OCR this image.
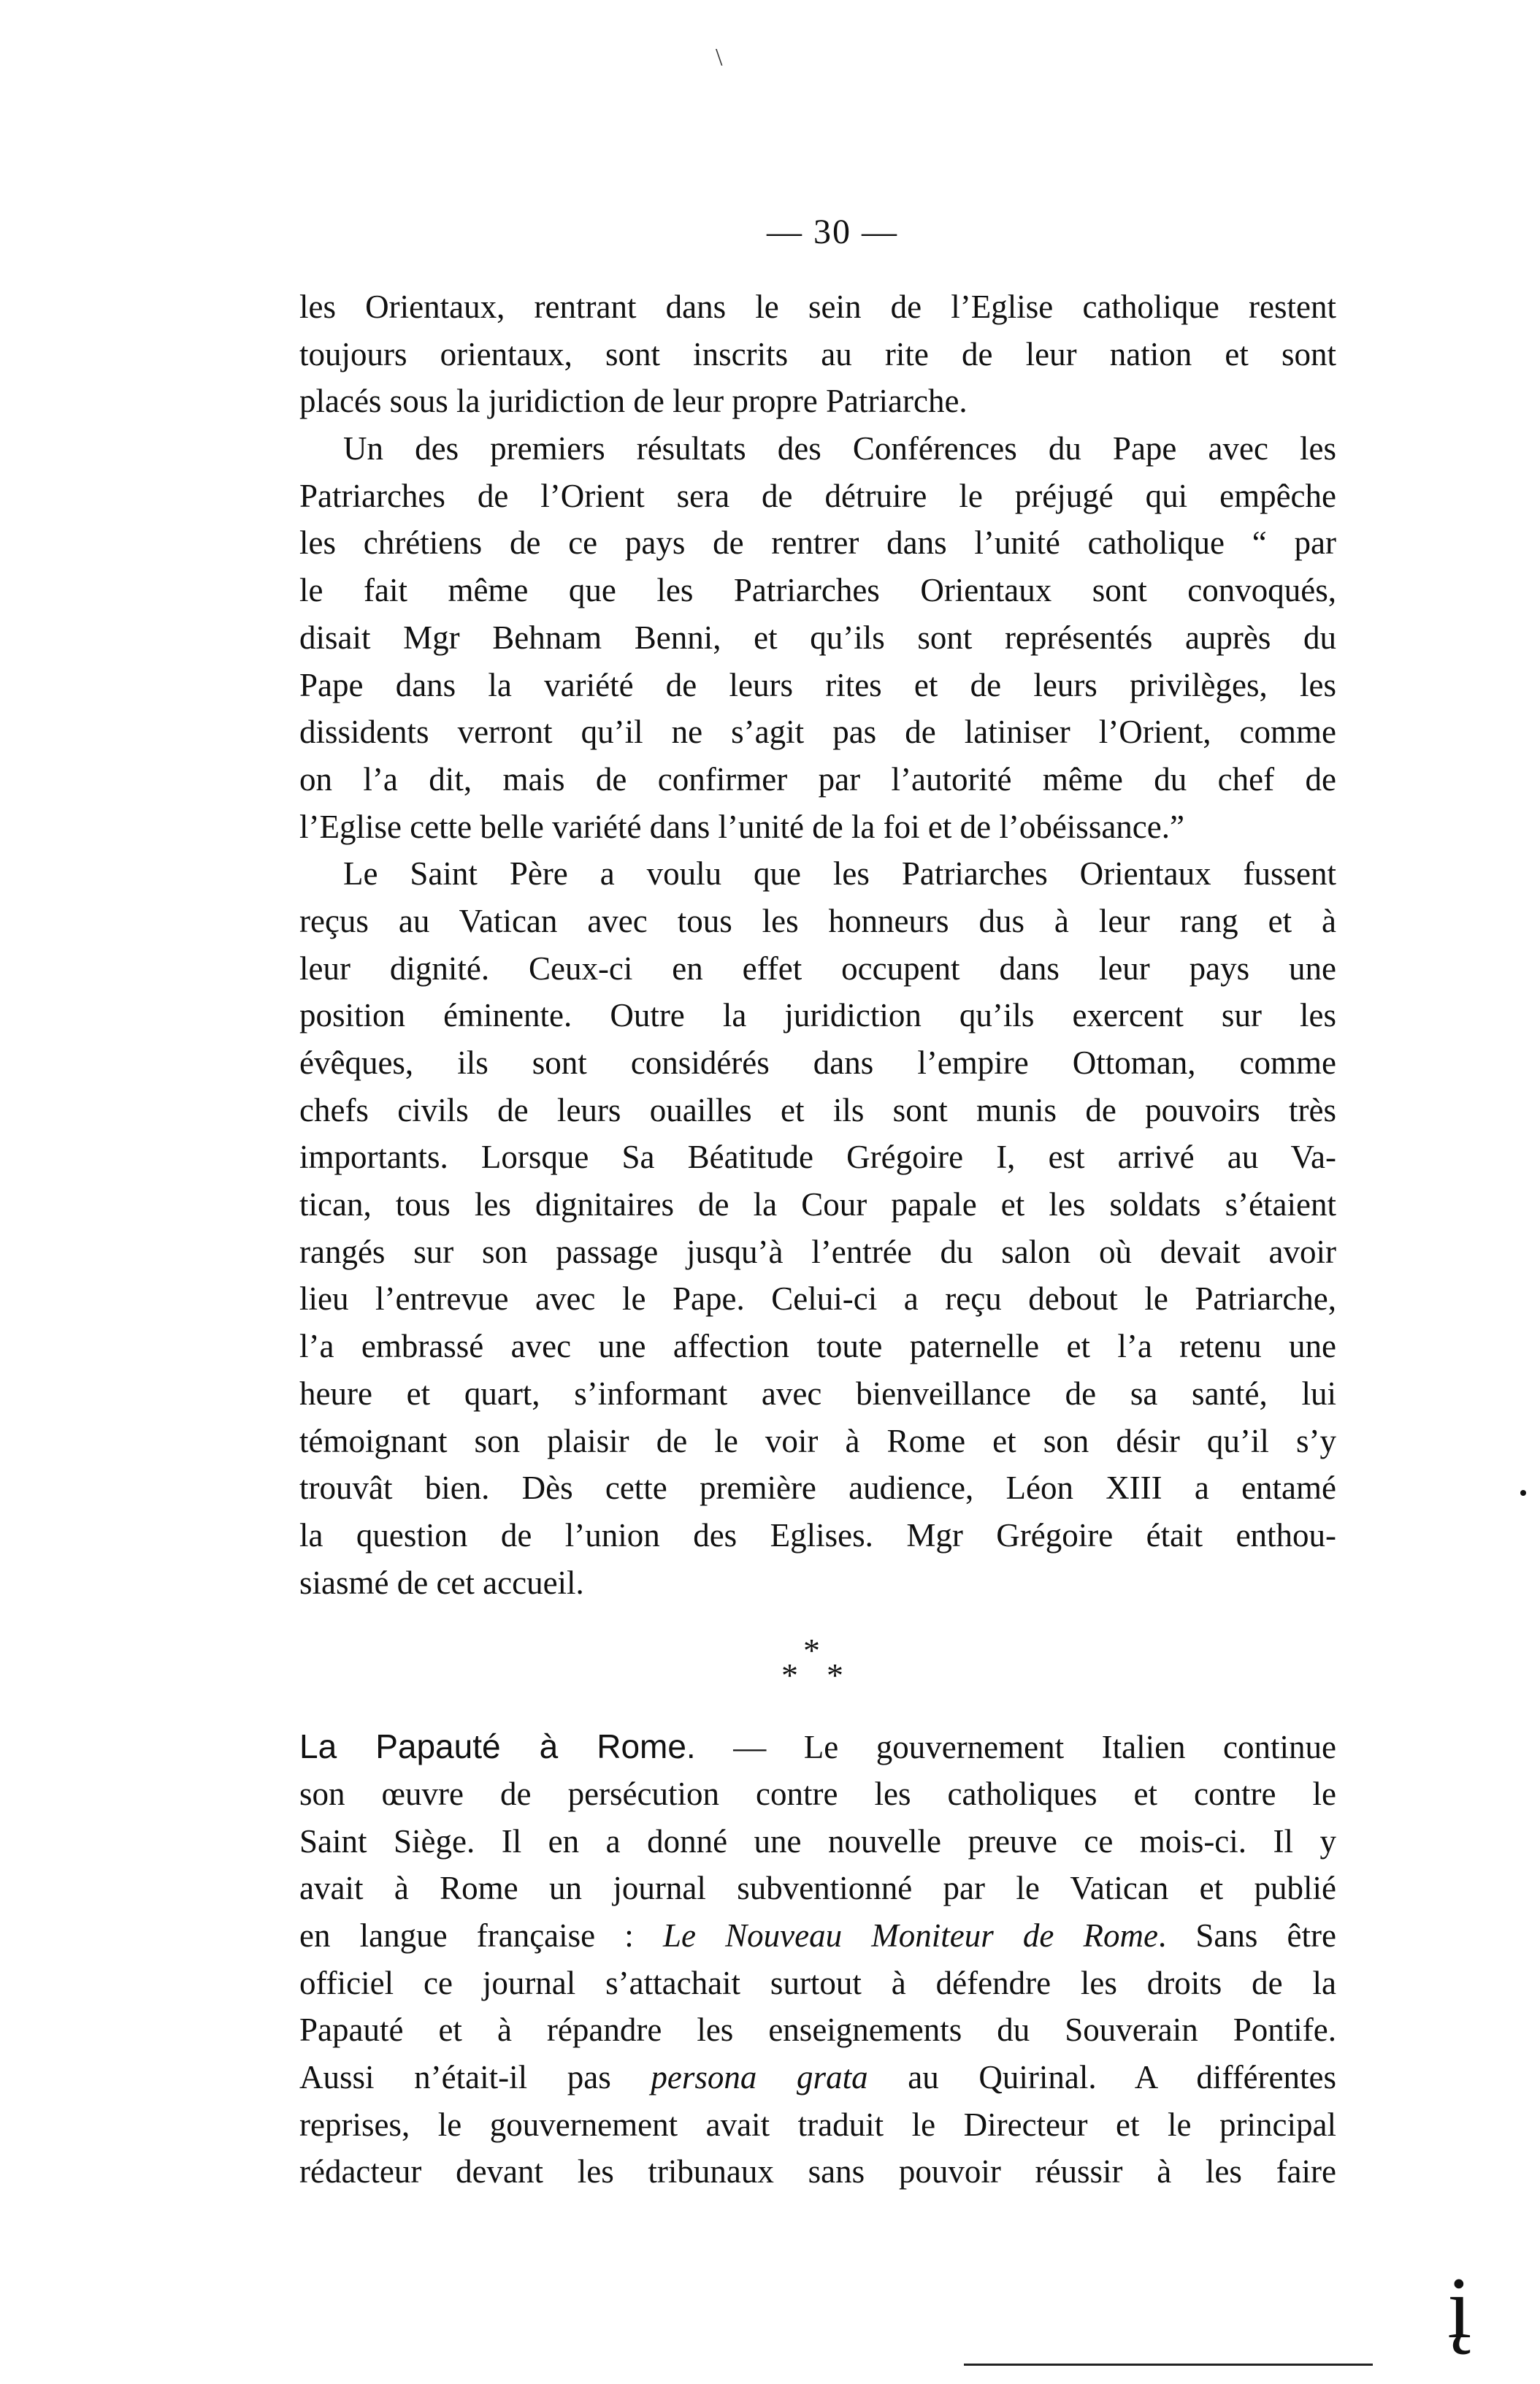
\
— 30 —
les Orientaux, rentrant dans le sein de l’Eglise catholique restent
toujours orientaux, sont inscrits au rite de leur nation et sont
placés sous la juridiction de leur propre Patriarche.
Un des premiers résultats des Conférences du Pape avec les
Patriarches de l’Orient sera de détruire le préjugé qui empêche
les chrétiens de ce pays de rentrer dans l’unité catholique “ par
le fait même que les Patriarches Orientaux sont convoqués,
disait Mgr Behnam Benni, et qu’ils sont représentés auprès du
Pape dans la variété de leurs rites et de leurs privilèges, les
dissidents verront qu’il ne s’agit pas de latiniser l’Orient, comme
on l’a dit, mais de confirmer par l’autorité même du chef de
l’Eglise cette belle variété dans l’unité de la foi et de l’obéissance.”
Le Saint Père a voulu que les Patriarches Orientaux fussent
reçus au Vatican avec tous les honneurs dus à leur rang et à
leur dignité. Ceux-ci en effet occupent dans leur pays une
position éminente. Outre la juridiction qu’ils exercent sur les
évêques, ils sont considérés dans l’empire Ottoman, comme
chefs civils de leurs ouailles et ils sont munis de pouvoirs très
importants. Lorsque Sa Béatitude Grégoire I, est arrivé au Va-
tican, tous les dignitaires de la Cour papale et les soldats s’étaient
rangés sur son passage jusqu’à l’entrée du salon où devait avoir
lieu l’entrevue avec le Pape. Celui-ci a reçu debout le Patriarche,
l’a embrassé avec une affection toute paternelle et l’a retenu une
heure et quart, s’informant avec bienveillance de sa santé, lui
témoignant son plaisir de le voir à Rome et son désir qu’il s’y
trouvât bien. Dès cette première audience, Léon XIII a entamé
la question de l’union des Eglises. Mgr Grégoire était enthou-
siasmé de cet accueil.
*
* *
La Papauté à Rome. — Le gouvernement Italien continue
son œuvre de persécution contre les catholiques et contre le
Saint Siège. Il en a donné une nouvelle preuve ce mois-ci. Il y
avait à Rome un journal subventionné par le Vatican et publié
en langue française : Le Nouveau Moniteur de Rome. Sans être
officiel ce journal s’attachait surtout à défendre les droits de la
Papauté et à répandre les enseignements du Souverain Pontife.
Aussi n’était-il pas persona grata au Quirinal. A différentes
reprises, le gouvernement avait traduit le Directeur et le principal
rédacteur devant les tribunaux sans pouvoir réussir à les faire
į
